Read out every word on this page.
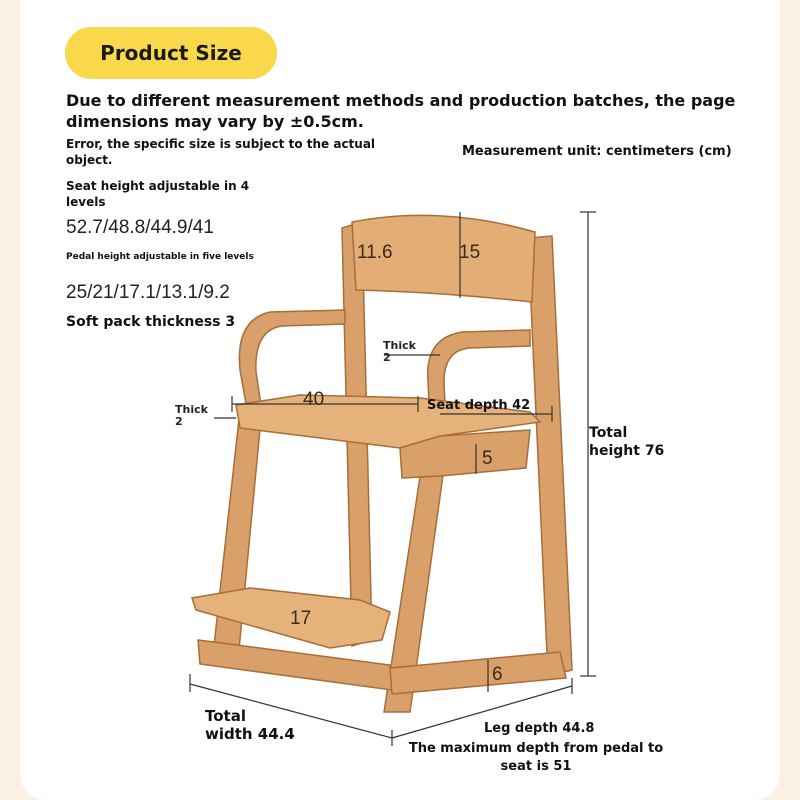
Product Size
Due to different measurement methods and production batches, the page dimensions may vary by ±0.5cm.
Error, the specific size is subject to the actual object.
Measurement unit: centimeters (cm)
Seat height adjustable in 4 levels
52.7/48.8/44.9/41
Pedal height adjustable in five levels
25/21/17.1/13.1/9.2
Soft pack thickness 3
11.6	15
Thick
2
40
Thick
2
Seat depth 42
5
Total
height 76
17
6
Total
width 44.4	Leg depth 44.8
The maximum depth from pedal to
seat is 51
